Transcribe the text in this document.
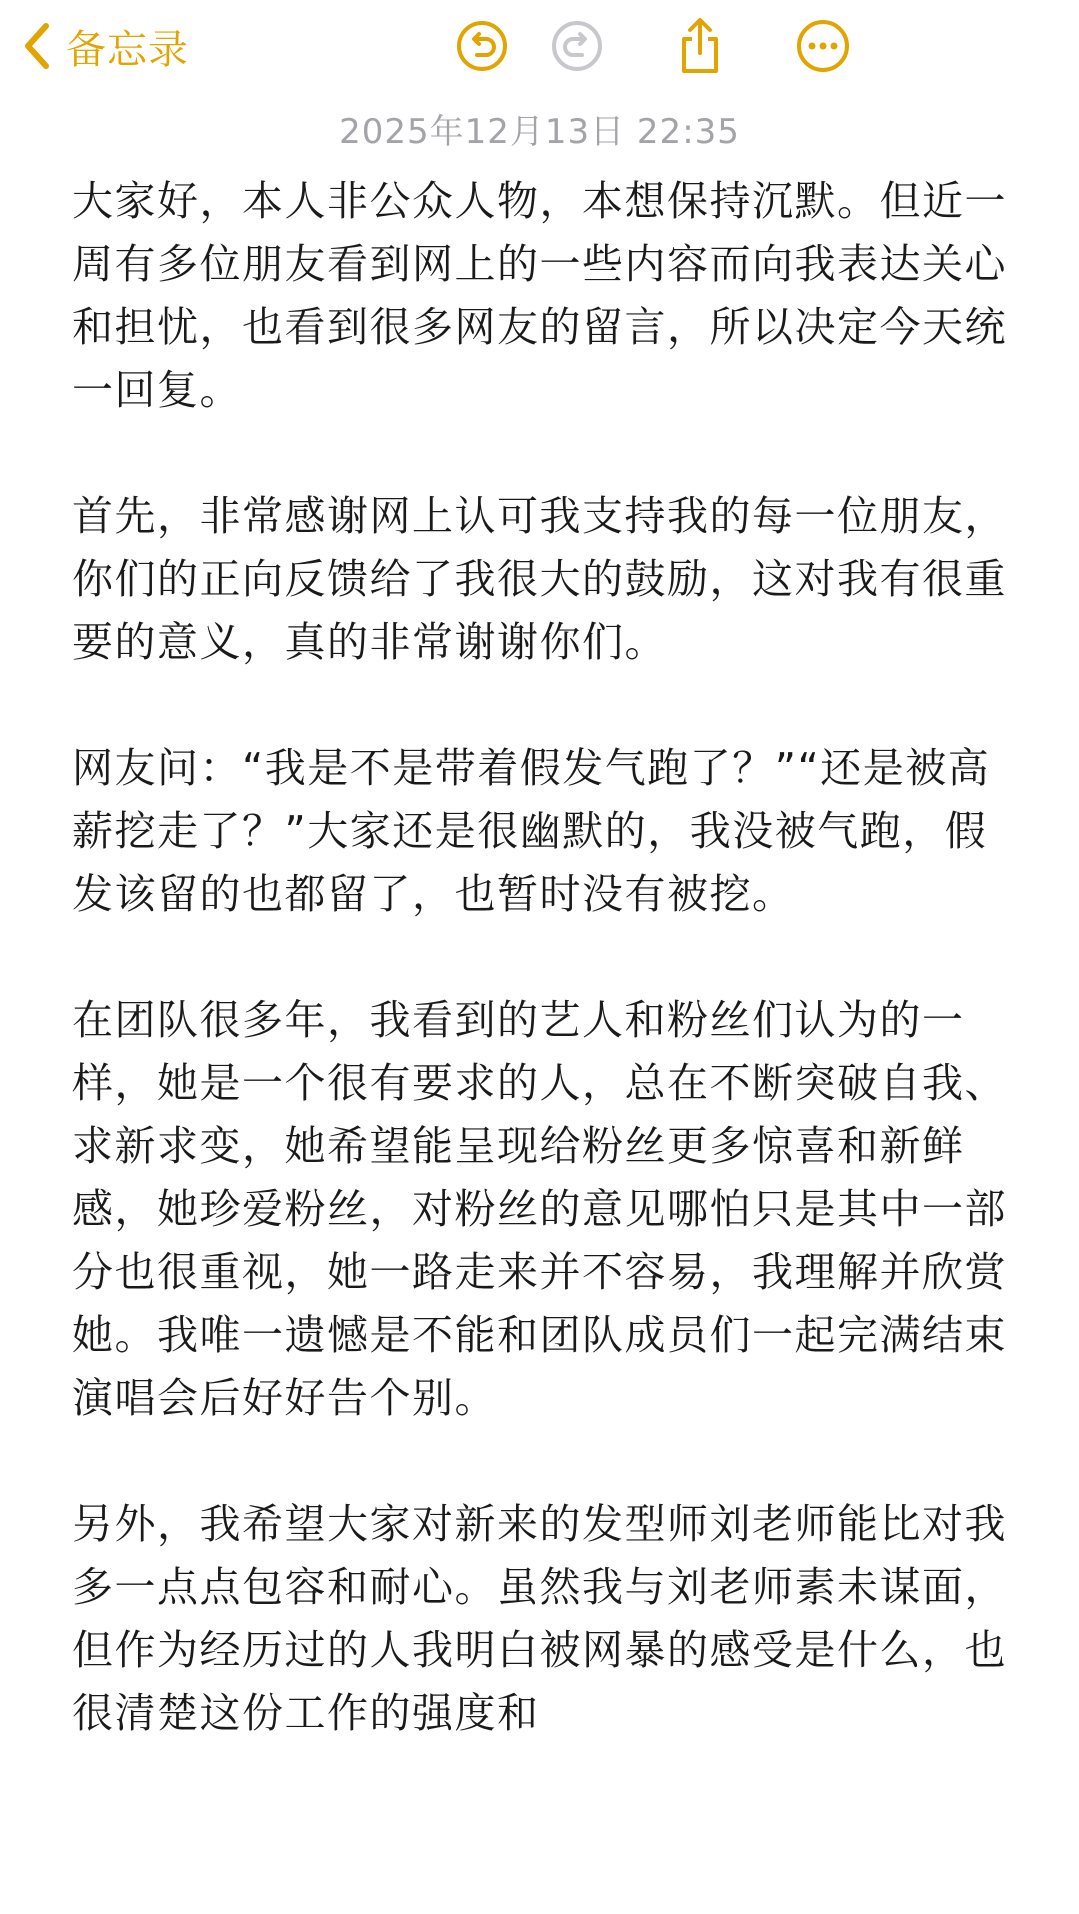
备忘录
2025年12月13日 22:35

大家好，本人非公众人物，本想保持沉默。但近一周有多位朋友看到网上的一些内容而向我表达关心和担忧，也看到很多网友的留言，所以决定今天统一回复。

首先，非常感谢网上认可我支持我的每一位朋友，你们的正向反馈给了我很大的鼓励，这对我有很重要的意义，真的非常谢谢你们。

网友问：“我是不是带着假发气跑了？”“还是被高薪挖走了？”大家还是很幽默的，我没被气跑，假发该留的也都留了，也暂时没有被挖。

在团队很多年，我看到的艺人和粉丝们认为的一样，她是一个很有要求的人，总在不断突破自我、求新求变，她希望能呈现给粉丝更多惊喜和新鲜感，她珍爱粉丝，对粉丝的意见哪怕只是其中一部分也很重视，她一路走来并不容易，我理解并欣赏她。我唯一遗憾是不能和团队成员们一起完满结束演唱会后好好告个别。

另外，我希望大家对新来的发型师刘老师能比对我多一点点包容和耐心。虽然我与刘老师素未谋面，但作为经历过的人我明白被网暴的感受是什么，也很清楚这份工作的强度和
